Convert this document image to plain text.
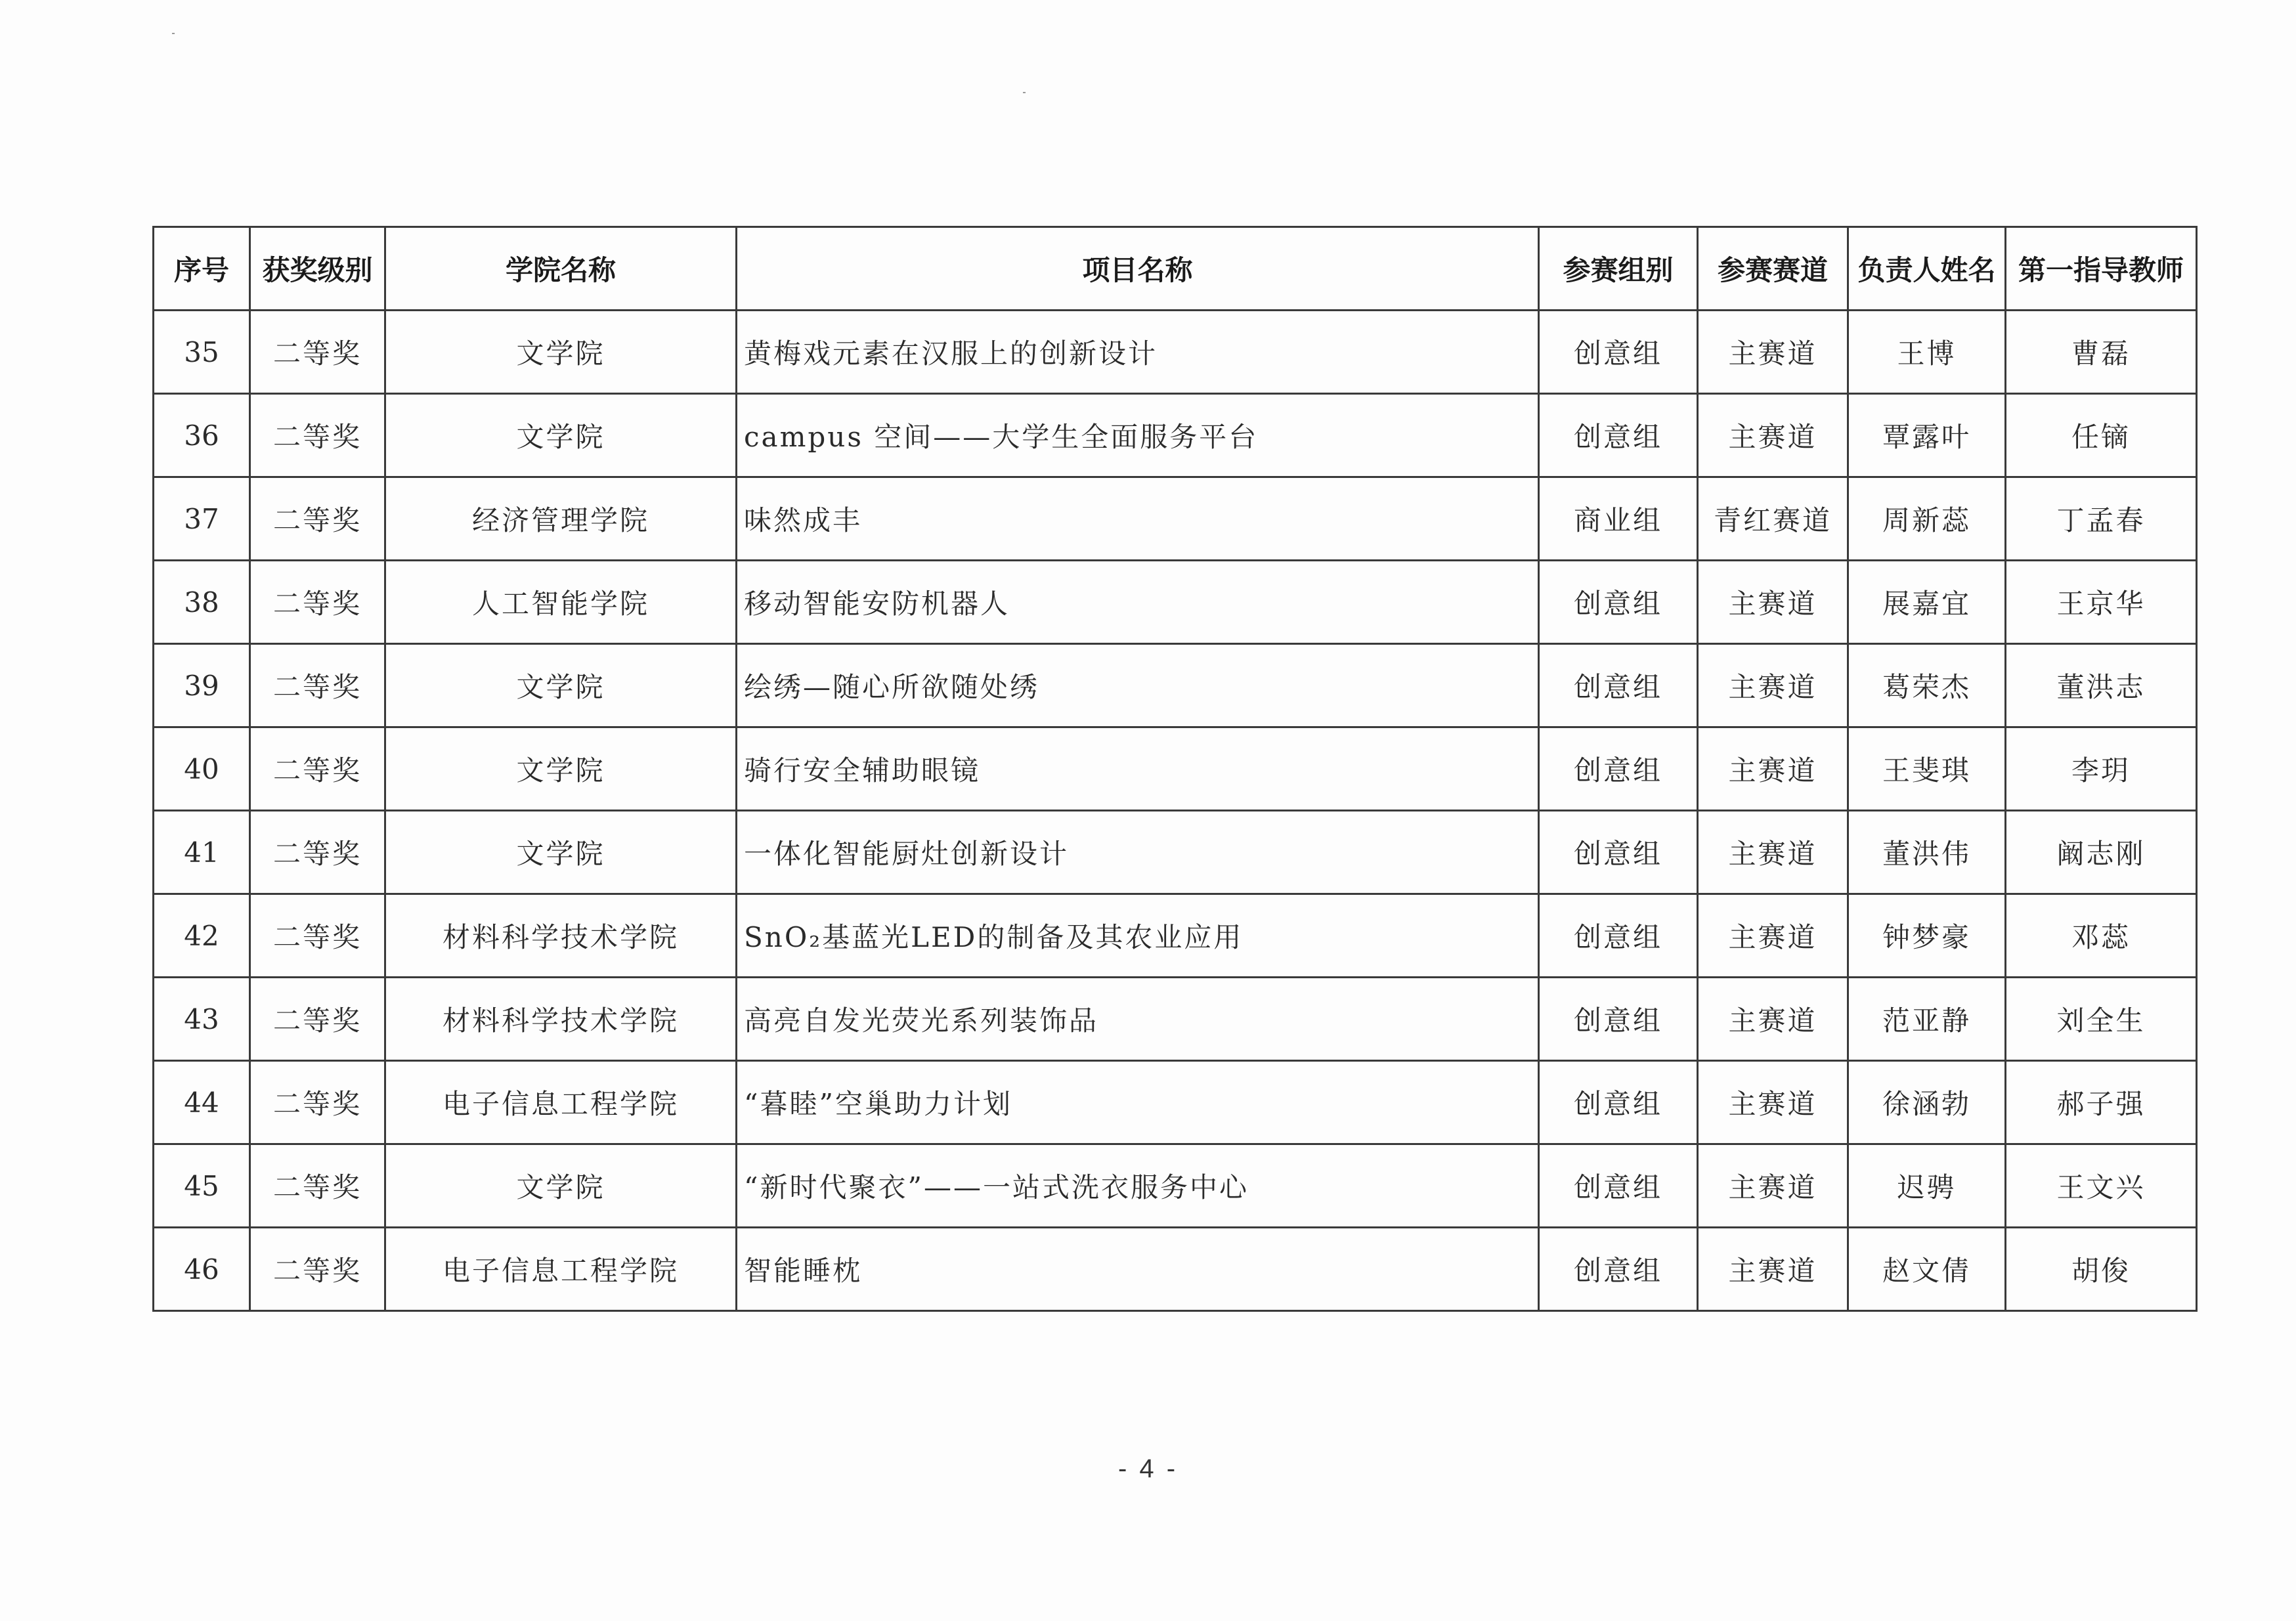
序号	获奖级别	学院名称	项目名称	参赛组别	参赛赛道	负责人姓名	第一指导教师
35	二等奖	文学院	黄梅戏元素在汉服上的创新设计	创意组	主赛道	王博	曹磊
36	二等奖	文学院	campus 空间——大学生全面服务平台	创意组	主赛道	覃露叶	任镝
37	二等奖	经济管理学院	味然成丰	商业组	青红赛道	周新蕊	丁孟春
38	二等奖	人工智能学院	移动智能安防机器人	创意组	主赛道	展嘉宜	王京华
39	二等奖	文学院	绘绣—随心所欲随处绣	创意组	主赛道	葛荣杰	董洪志
40	二等奖	文学院	骑行安全辅助眼镜	创意组	主赛道	王斐琪	李玥
41	二等奖	文学院	一体化智能厨灶创新设计	创意组	主赛道	董洪伟	阚志刚
42	二等奖	材料科学技术学院	SnO₂基蓝光LED的制备及其农业应用	创意组	主赛道	钟梦豪	邓蕊
43	二等奖	材料科学技术学院	高亮自发光荧光系列装饰品	创意组	主赛道	范亚静	刘全生
44	二等奖	电子信息工程学院	“暮睦”空巢助力计划	创意组	主赛道	徐涵勃	郝子强
45	二等奖	文学院	“新时代聚衣”——一站式洗衣服务中心	创意组	主赛道	迟骋	王文兴
46	二等奖	电子信息工程学院	智能睡枕	创意组	主赛道	赵文倩	胡俊
- 4 -
